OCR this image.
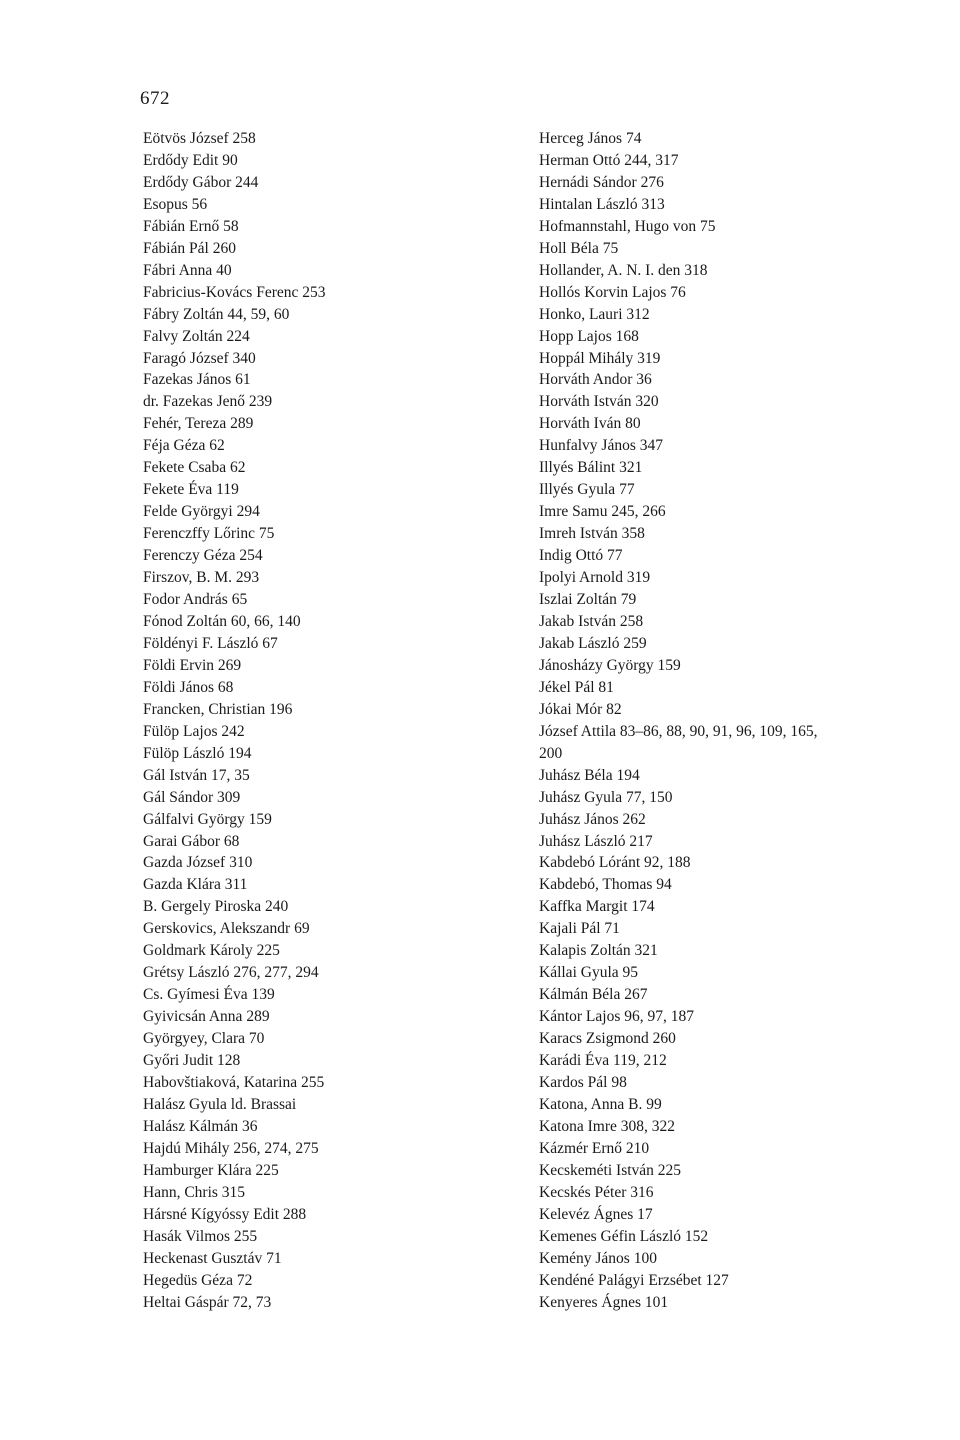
672
Eötvös József 258
Erdődy Edit 90
Erdődy Gábor 244
Esopus 56
Fábián Ernő 58
Fábián Pál 260
Fábri Anna 40
Fabricius-Kovács Ferenc 253
Fábry Zoltán 44, 59, 60
Falvy Zoltán 224
Faragó József 340
Fazekas János 61
dr. Fazekas Jenő 239
Fehér, Tereza 289
Féja Géza 62
Fekete Csaba 62
Fekete Éva 119
Felde Györgyi 294
Ferenczffy Lőrinc 75
Ferenczy Géza 254
Firszov, B. M. 293
Fodor András 65
Fónod Zoltán 60, 66, 140
Földényi F. László 67
Földi Ervin 269
Földi János 68
Francken, Christian 196
Fülöp Lajos 242
Fülöp László 194
Gál István 17, 35
Gál Sándor 309
Gálfalvi György 159
Garai Gábor 68
Gazda József 310
Gazda Klára 311
B. Gergely Piroska 240
Gerskovics, Alekszandr 69
Goldmark Károly 225
Grétsy László 276, 277, 294
Cs. Gyímesi Éva 139
Gyivicsán Anna 289
Györgyey, Clara 70
Győri Judit 128
Habovštiaková, Katarina 255
Halász Gyula ld. Brassai
Halász Kálmán 36
Hajdú Mihály 256, 274, 275
Hamburger Klára 225
Hann, Chris 315
Hársné Kígyóssy Edit 288
Hasák Vilmos 255
Heckenast Gusztáv 71
Hegedüs Géza 72
Heltai Gáspár 72, 73
Herceg János 74
Herman Ottó 244, 317
Hernádi Sándor 276
Hintalan László 313
Hofmannstahl, Hugo von 75
Holl Béla 75
Hollander, A. N. I. den 318
Hollós Korvin Lajos 76
Honko, Lauri 312
Hopp Lajos 168
Hoppál Mihály 319
Horváth Andor 36
Horváth István 320
Horváth Iván 80
Hunfalvy János 347
Illyés Bálint 321
Illyés Gyula 77
Imre Samu 245, 266
Imreh István 358
Indig Ottó 77
Ipolyi Arnold 319
Iszlai Zoltán 79
Jakab István 258
Jakab László 259
Jánosházy György 159
Jékel Pál 81
Jókai Mór 82
József Attila 83–86, 88, 90, 91, 96, 109, 165,
200
Juhász Béla 194
Juhász Gyula 77, 150
Juhász János 262
Juhász László 217
Kabdebó Lóránt 92, 188
Kabdebó, Thomas 94
Kaffka Margit 174
Kajali Pál 71
Kalapis Zoltán 321
Kállai Gyula 95
Kálmán Béla 267
Kántor Lajos 96, 97, 187
Karacs Zsigmond 260
Karádi Éva 119, 212
Kardos Pál 98
Katona, Anna B. 99
Katona Imre 308, 322
Kázmér Ernő 210
Kecskeméti István 225
Kecskés Péter 316
Kelevéz Ágnes 17
Kemenes Géfin László 152
Kemény János 100
Kendéné Palágyi Erzsébet 127
Kenyeres Ágnes 101
